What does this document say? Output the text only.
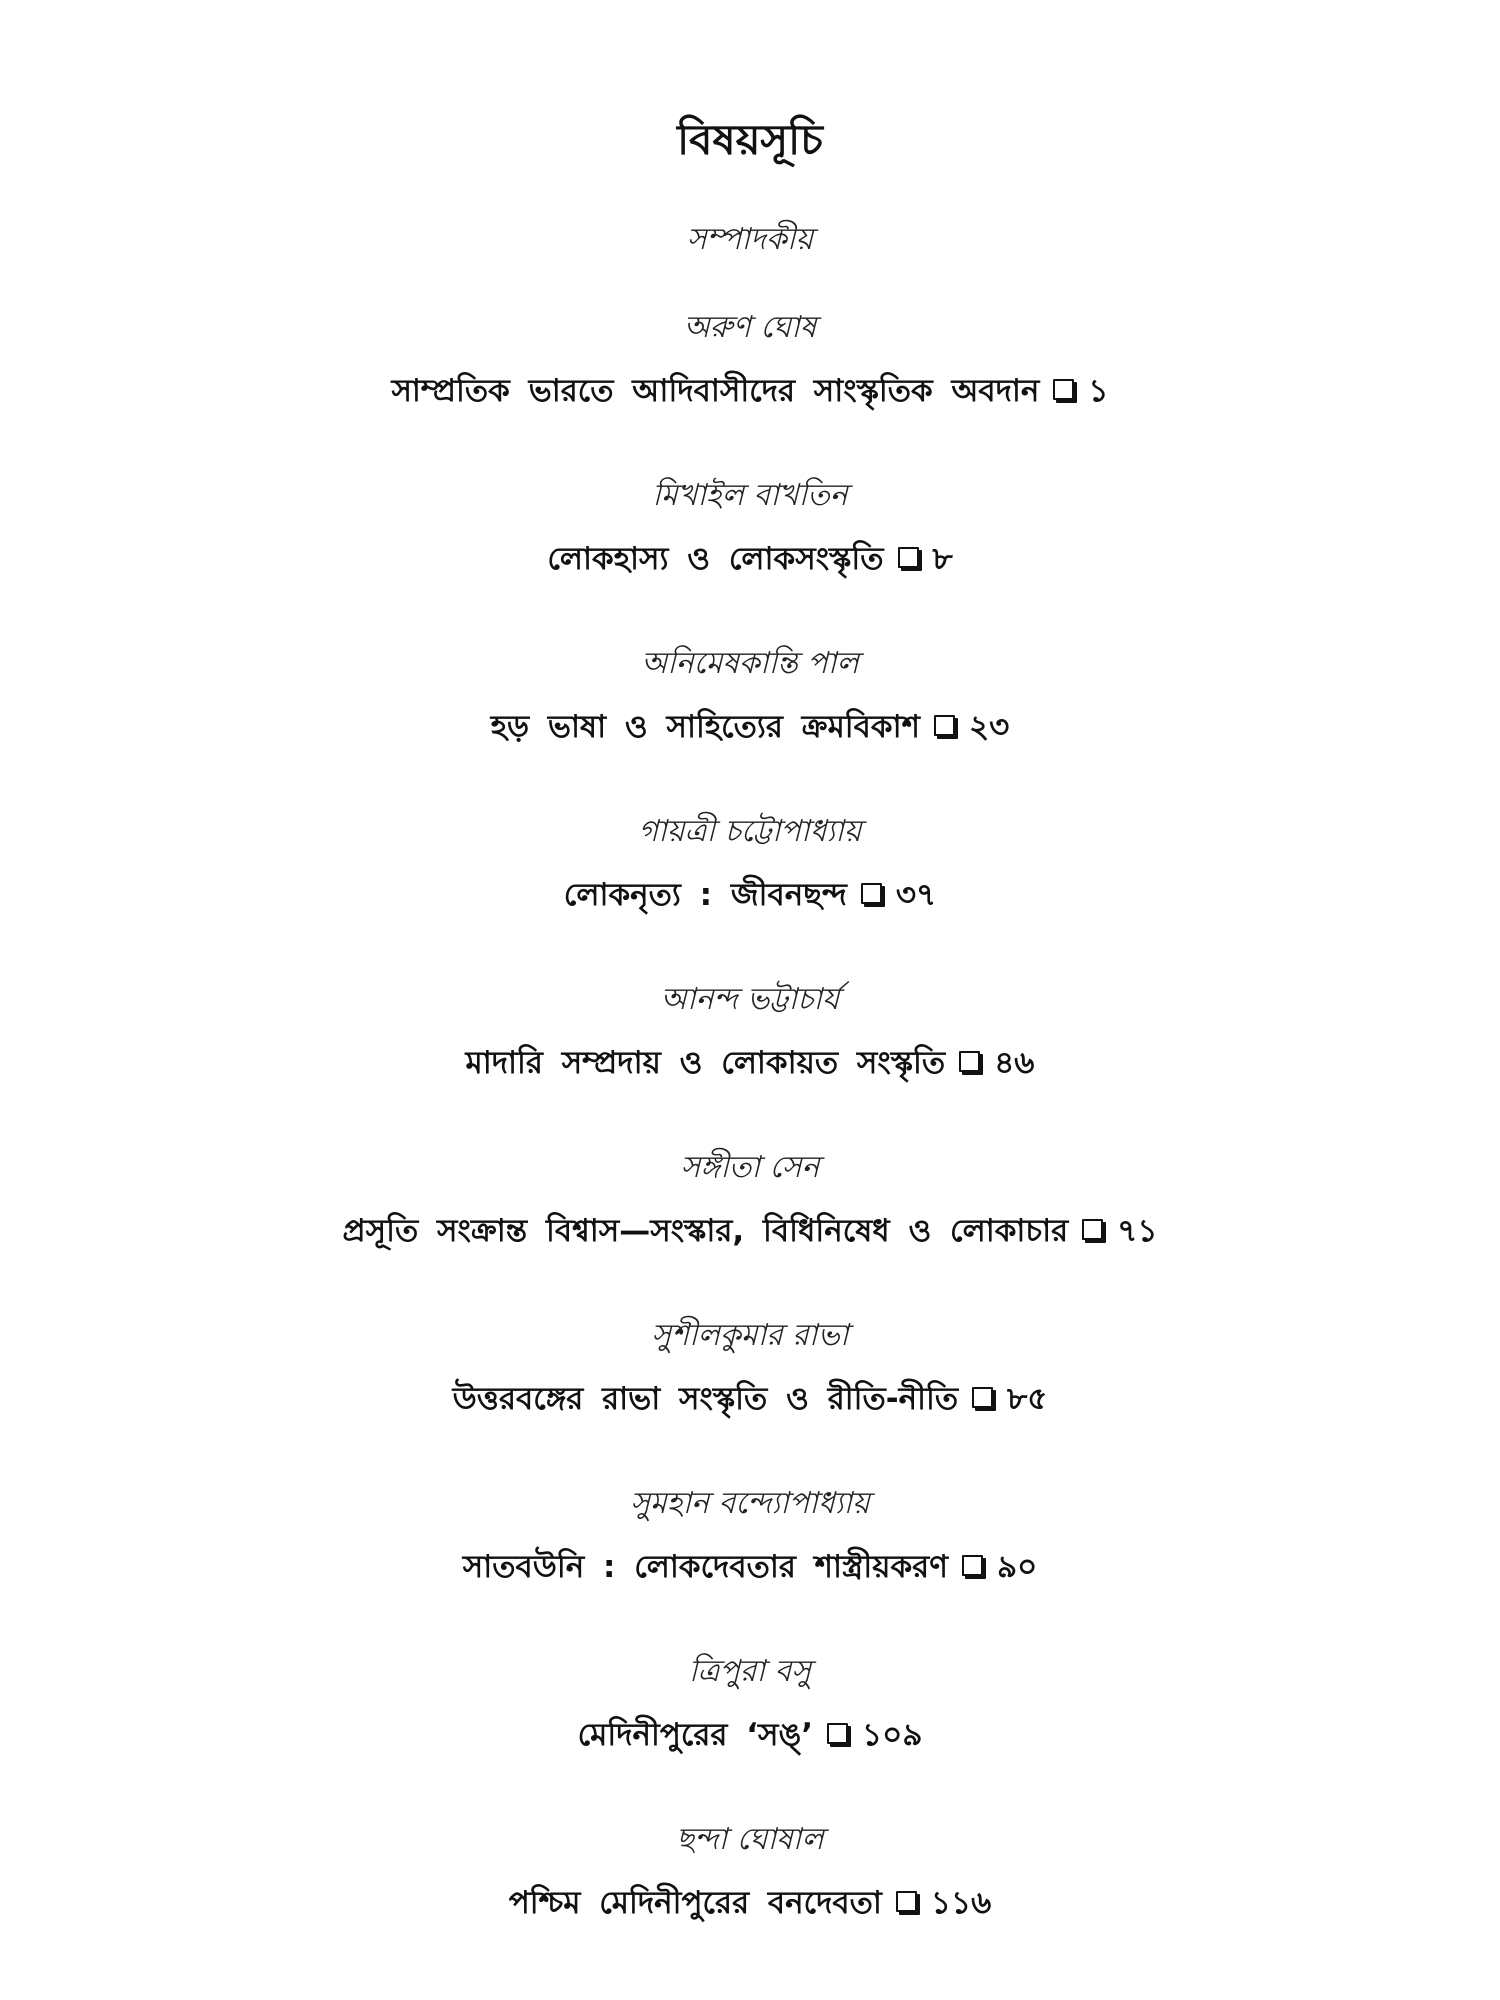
বিষয়সূচি
সম্পাদকীয়
অরুণ ঘোষ
সাম্প্রতিক ভারতে আদিবাসীদের সাংস্কৃতিক অবদান ১
মিখাইল বাখতিন
লোকহাস্য ও লোকসংস্কৃতি ৮
অনিমেষকান্তি পাল
হড় ভাষা ও সাহিত্যের ক্রমবিকাশ ২৩
গায়ত্রী চট্টোপাধ্যায়
লোকনৃত্য : জীবনছন্দ ৩৭
আনন্দ ভট্টাচার্য
মাদারি সম্প্রদায় ও লোকায়ত সংস্কৃতি ৪৬
সঙ্গীতা সেন
প্রসূতি সংক্রান্ত বিশ্বাস—সংস্কার, বিধিনিষেধ ও লোকাচার ৭১
সুশীলকুমার রাভা
উত্তরবঙ্গের রাভা সংস্কৃতি ও রীতি-নীতি ৮৫
সুমহান বন্দ্যোপাধ্যায়
সাতবউনি : লোকদেবতার শাস্ত্রীয়করণ ৯০
ত্রিপুরা বসু
মেদিনীপুরের ‘সঙ্’ ১০৯
ছন্দা ঘোষাল
পশ্চিম মেদিনীপুরের বনদেবতা ১১৬
